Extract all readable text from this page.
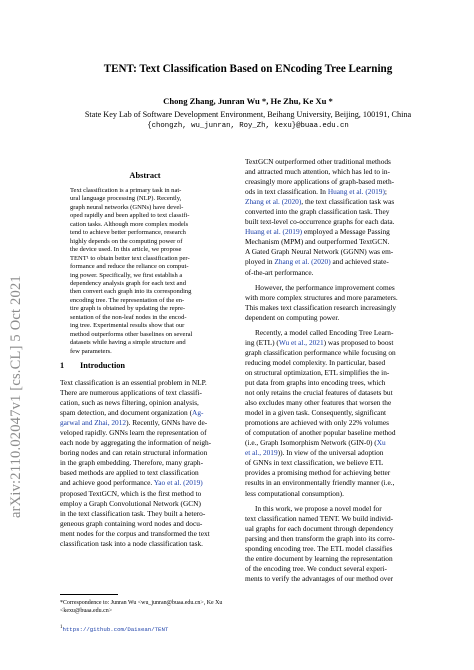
arXiv:2110.02047v1 [cs.CL] 5 Oct 2021
TENT: Text Classification Based on ENcoding Tree Learning
Chong Zhang, Junran Wu *, He Zhu, Ke Xu *
State Key Lab of Software Development Environment, Beihang University, Beijing, 100191, China
{chongzh, wu_junran, Roy_Zh, kexu}@buaa.edu.cn
Abstract
Text classification is a primary task in nat-
ural language processing (NLP). Recently,
graph neural networks (GNNs) have devel-
oped rapidly and been applied to text classifi-
cation tasks. Although more complex models
tend to achieve better performance, research
highly depends on the computing power of
the device used. In this article, we propose
TENT¹ to obtain better text classification per-
formance and reduce the reliance on comput-
ing power. Specifically, we first establish a
dependency analysis graph for each text and
then convert each graph into its corresponding
encoding tree. The representation of the en-
tire graph is obtained by updating the repre-
sentation of the non-leaf nodes in the encod-
ing tree. Experimental results show that our
method outperforms other baselines on several
datasets while having a simple structure and
few parameters.
1 Introduction
Text classification is an essential problem in NLP.
There are numerous applications of text classifi-
cation, such as news filtering, opinion analysis,
spam detection, and document organization (Ag-
garwal and Zhai, 2012). Recently, GNNs have de-
veloped rapidly. GNNs learn the representation of
each node by aggregating the information of neigh-
boring nodes and can retain structural information
in the graph embedding. Therefore, many graph-
based methods are applied to text classification
and achieve good performance. Yao et al. (2019)
proposed TextGCN, which is the first method to
employ a Graph Convolutional Network (GCN)
in the text classification task. They built a hetero-
geneous graph containing word nodes and docu-
ment nodes for the corpus and transformed the text
classification task into a node classification task.
TextGCN outperformed other traditional methods
and attracted much attention, which has led to in-
creasingly more applications of graph-based meth-
ods in text classification. In Huang et al. (2019);
Zhang et al. (2020), the text classification task was
converted into the graph classification task. They
built text-level co-occurrence graphs for each data.
Huang et al. (2019) employed a Message Passing
Mechanism (MPM) and outperformed TextGCN.
A Gated Graph Neural Network (GGNN) was em-
ployed in Zhang et al. (2020) and achieved state-
of-the-art performance.
However, the performance improvement comes
with more complex structures and more parameters.
This makes text classification research increasingly
dependent on computing power.
Recently, a model called Encoding Tree Learn-
ing (ETL) (Wu et al., 2021) was proposed to boost
graph classification performance while focusing on
reducing model complexity. In particular, based
on structural optimization, ETL simplifies the in-
put data from graphs into encoding trees, which
not only retains the crucial features of datasets but
also excludes many other features that worsen the
model in a given task. Consequently, significant
promotions are achieved with only 22% volumes
of computation of another popular baseline method
(i.e., Graph Isomorphism Network (GIN-0) (Xu
et al., 2019)). In view of the universal adoption
of GNNs in text classification, we believe ETL
provides a promising method for achieving better
results in an environmentally friendly manner (i.e.,
less computational consumption).
In this work, we propose a novel model for
text classification named TENT. We build individ-
ual graphs for each document through dependency
parsing and then transform the graph into its corre-
sponding encoding tree. The ETL model classifies
the entire document by learning the representation
of the encoding tree. We conduct several experi-
ments to verify the advantages of our method over
*Correspondence to: Junran Wu <wu_junran@buaa.edu.cn>, Ke Xu <kexu@buaa.edu.cn>
$^1$https://github.com/Daisean/TENT
